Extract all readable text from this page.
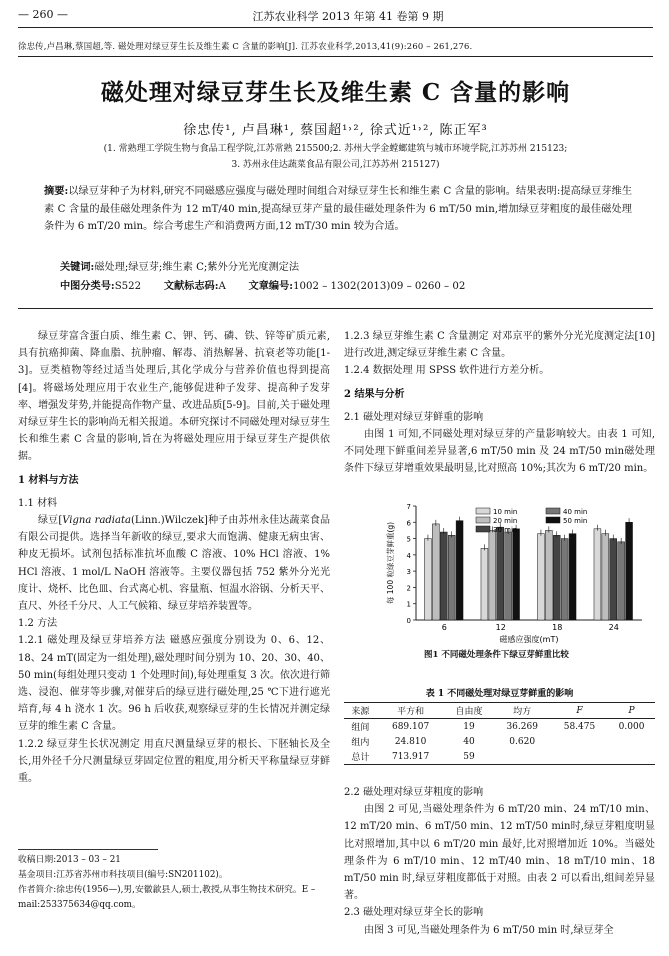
— 260 —	江苏农业科学 2013 年第 41 卷第 9 期
徐忠传,卢昌琳,蔡国超,等. 磁处理对绿豆芽生长及维生素 C 含量的影响[J]. 江苏农业科学,2013,41(9):260 – 261,276.
磁处理对绿豆芽生长及维生素 C 含量的影响
徐忠传¹, 卢昌琳¹, 蔡国超¹˒², 徐式近¹˒², 陈正军³
(1. 常熟理工学院生物与食品工程学院,江苏常熟 215500;2. 苏州大学金螳螂建筑与城市环境学院,江苏苏州 215123;
3. 苏州永佳达蔬菜食品有限公司,江苏苏州 215127)
摘要:以绿豆芽种子为材料,研究不同磁感应强度与磁处理时间组合对绿豆芽生长和维生素 C 含量的影响。结果表明:提高绿豆芽维生素 C 含量的最佳磁处理条件为 12 mT/40 min,提高绿豆芽产量的最佳磁处理条件为 6 mT/50 min,增加绿豆芽粗度的最佳磁处理条件为 6 mT/20 min。综合考虑生产和消费两方面,12 mT/30 min 较为合适。
关键词:磁处理;绿豆芽;维生素 C;紫外分光光度测定法
中图分类号:S522 文献标志码:A 文章编号:1002 – 1302(2013)09 – 0260 – 02

绿豆芽富含蛋白质、维生素 C、钾、钙、磷、铁、锌等矿质元素,具有抗癌抑菌、降血脂、抗肿瘤、解毒、消热解暑、抗衰老等功能[1-3]。豆类植物等经过适当处理后,其化学成分与营养价值也得到提高[4]。将磁场处理应用于农业生产,能够促进种子发芽、提高种子发芽率、增强发芽势,并能提高作物产量、改进品质[5-9]。目前,关于磁处理对绿豆芽生长的影响尚无相关报道。本研究探讨不同磁处理对绿豆芽生长和维生素 C 含量的影响,旨在为将磁处理应用于绿豆芽生产提供依据。

1 材料与方法

1.1 材料

绿豆[Vigna radiata(Linn.)Wilczek]种子由苏州永佳达蔬菜食品有限公司提供。选择当年新收的绿豆,要求大而饱满、健康无病虫害、种皮无损坏。试剂包括标准抗坏血酸 C 溶液、10% HCl 溶液、1% HCl 溶液、1 mol/L NaOH 溶液等。主要仪器包括 752 紫外分光光度计、烧杯、比色皿、台式离心机、容量瓶、恒温水浴锅、分析天平、直尺、外径千分尺、人工气候箱、绿豆芽培养装置等。

1.2 方法

1.2.1 磁处理及绿豆芽培养方法 磁感应强度分别设为 0、6、12、18、24 mT(固定为一组处理),磁处理时间分别为 10、20、30、40、50 min(每组处理只变动 1 个处理时间),每处理重复 3 次。依次进行筛选、浸泡、催芽等步骤,对催芽后的绿豆进行磁处理,25 ℃下进行遮光培育,每 4 h 浇水 1 次。96 h 后收获,观察绿豆芽的生长情况并测定绿豆芽的维生素 C 含量。

1.2.2 绿豆芽生长状况测定 用直尺测量绿豆芽的根长、下胚轴长及全长,用外径千分尺测量绿豆芽固定位置的粗度,用分析天平称量绿豆芽鲜重。

收稿日期:2013 – 03 – 21
基金项目:江苏省苏州市科技项目(编号:SN201102)。
作者简介:徐忠传(1956—),男,安徽歙县人,硕士,教授,从事生物技术研究。E – mail:253375634@qq.com。

1.2.3 绿豆芽维生素 C 含量测定 对邓京平的紫外分光光度测定法[10]进行改进,测定绿豆芽维生素 C 含量。

1.2.4 数据处理 用 SPSS 软件进行方差分析。

2 结果与分析

2.1 磁处理对绿豆芽鲜重的影响

由图 1 可知,不同磁处理对绿豆芽的产量影响较大。由表 1 可知,不同处理下鲜重间差异显著,6 mT/50 min 及 24 mT/50 min磁处理条件下绿豆芽增重效果最明显,比对照高 10%;其次为 6 mT/20 min。

0
1
2
3
4
5
6
7
每 100 粒绿豆芽鲜重(g)
6	12	18	24
磁感应强度(mT)
10 min
20 min
30 min
40 min
50 min
图1 不同磁处理条件下绿豆芽鲜重比较
表 1 不同磁处理对绿豆芽鲜重的影响
来源	平方和	自由度	均方	F	P
组间	689.107	19	36.269	58.475	0.000
组内	24.810	40	0.620		
总计	713.917	59			

2.2 磁处理对绿豆芽粗度的影响

由图 2 可见,当磁处理条件为 6 mT/20 min、24 mT/10 min、12 mT/20 min、6 mT/50 min、12 mT/50 min时,绿豆芽粗度明显比对照增加,其中以 6 mT/20 min 最好,比对照增加近 10%。当磁处理条件为 6 mT/10 min、12 mT/40 min、18 mT/10 min、18 mT/50 min 时,绿豆芽粗度都低于对照。由表 2 可以看出,组间差异显著。

2.3 磁处理对绿豆芽全长的影响

由图 3 可见,当磁处理条件为 6 mT/50 min 时,绿豆芽全
